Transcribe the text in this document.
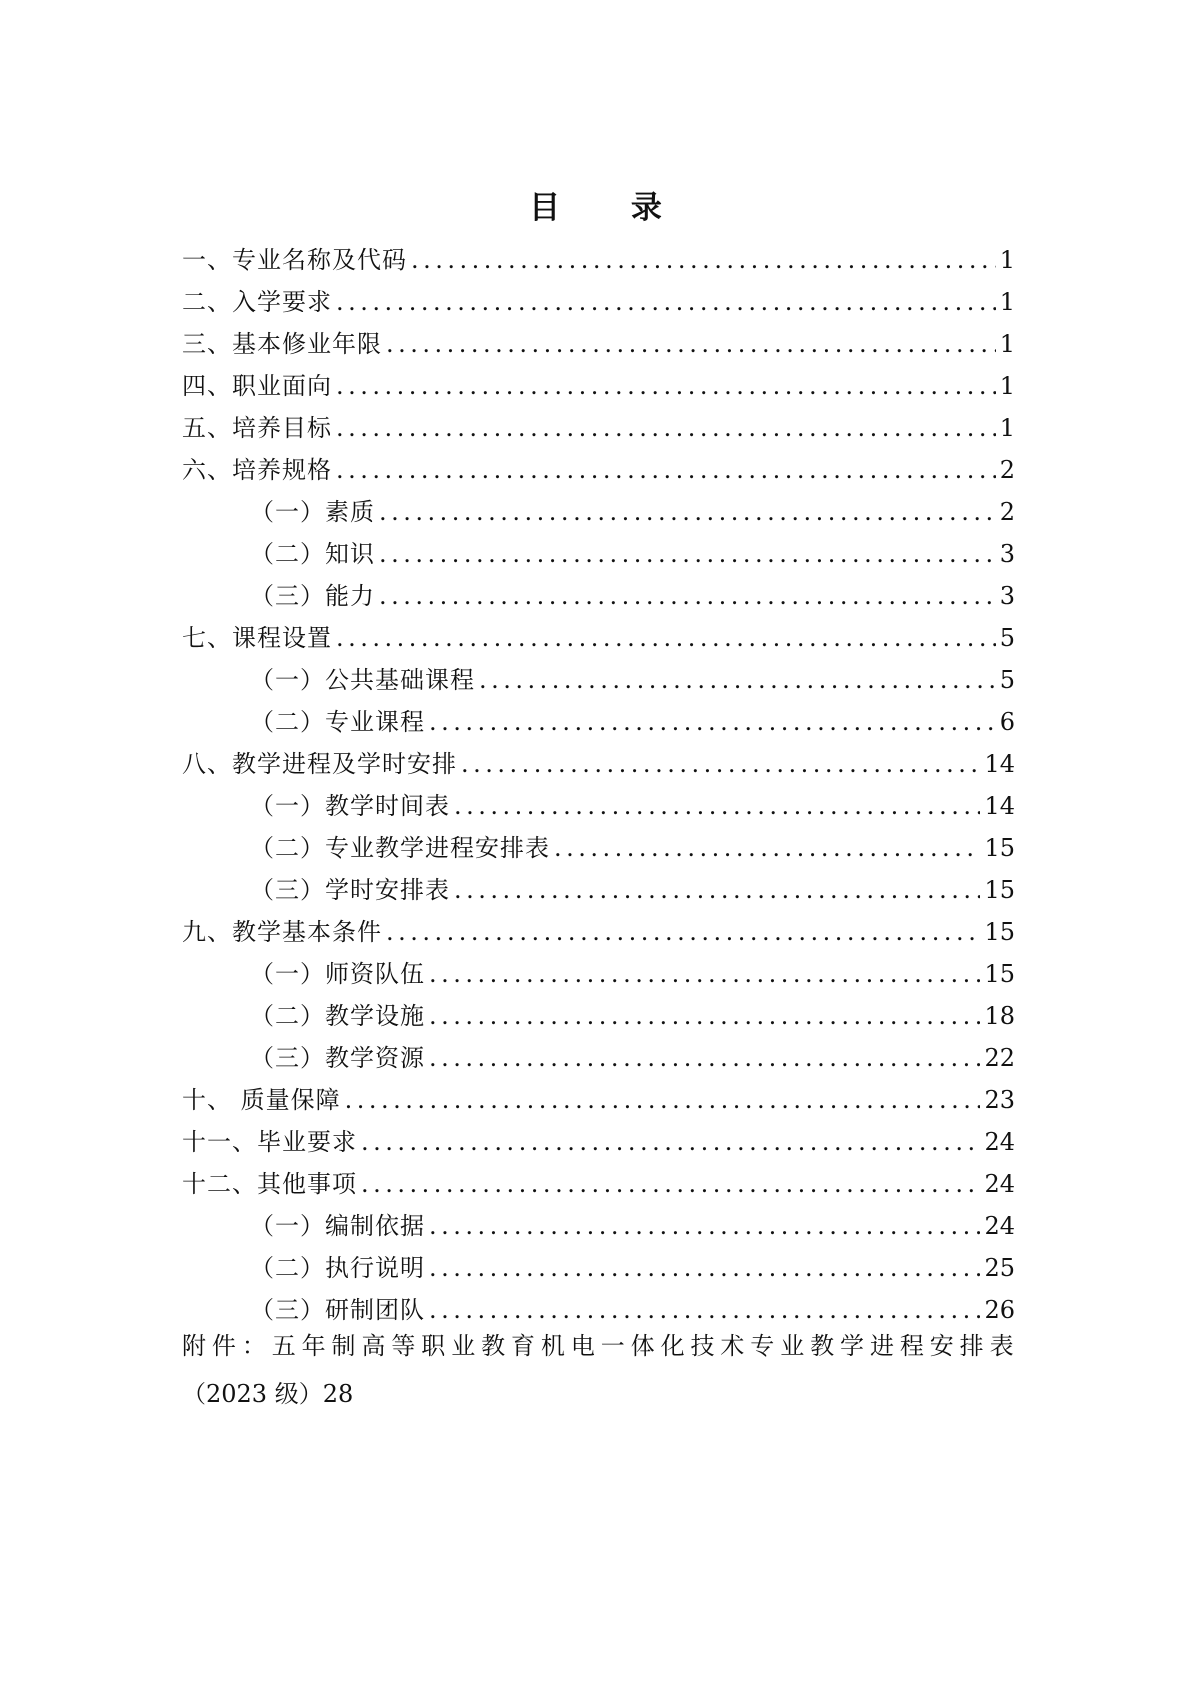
目 录
一、专业名称及代码 .....	1
二、入学要求 .....	1
三、基本修业年限 .....	1
四、职业面向 .....	1
五、培养目标 .....	1
六、培养规格 .....	2
（一）素质 .....	2
（二）知识 .....	3
（三）能力 .....	3
七、课程设置 .....	5
（一）公共基础课程 .....	5
（二）专业课程 .....	6
八、教学进程及学时安排 .....	14
（一）教学时间表 .....	14
（二）专业教学进程安排表 .....	15
（三）学时安排表 .....	15
九、教学基本条件 .....	15
（一）师资队伍 .....	15
（二）教学设施 .....	18
（三）教学资源 .....	22
十、 质量保障 .....	23
十一、毕业要求 .....	24
十二、其他事项 .....	24
（一）编制依据 .....	24
（二）执行说明 .....	25
（三）研制团队 .....	26
附件：五年制高等职业教育机电一体化技术专业教学进程安排表
（2023 级） 28
